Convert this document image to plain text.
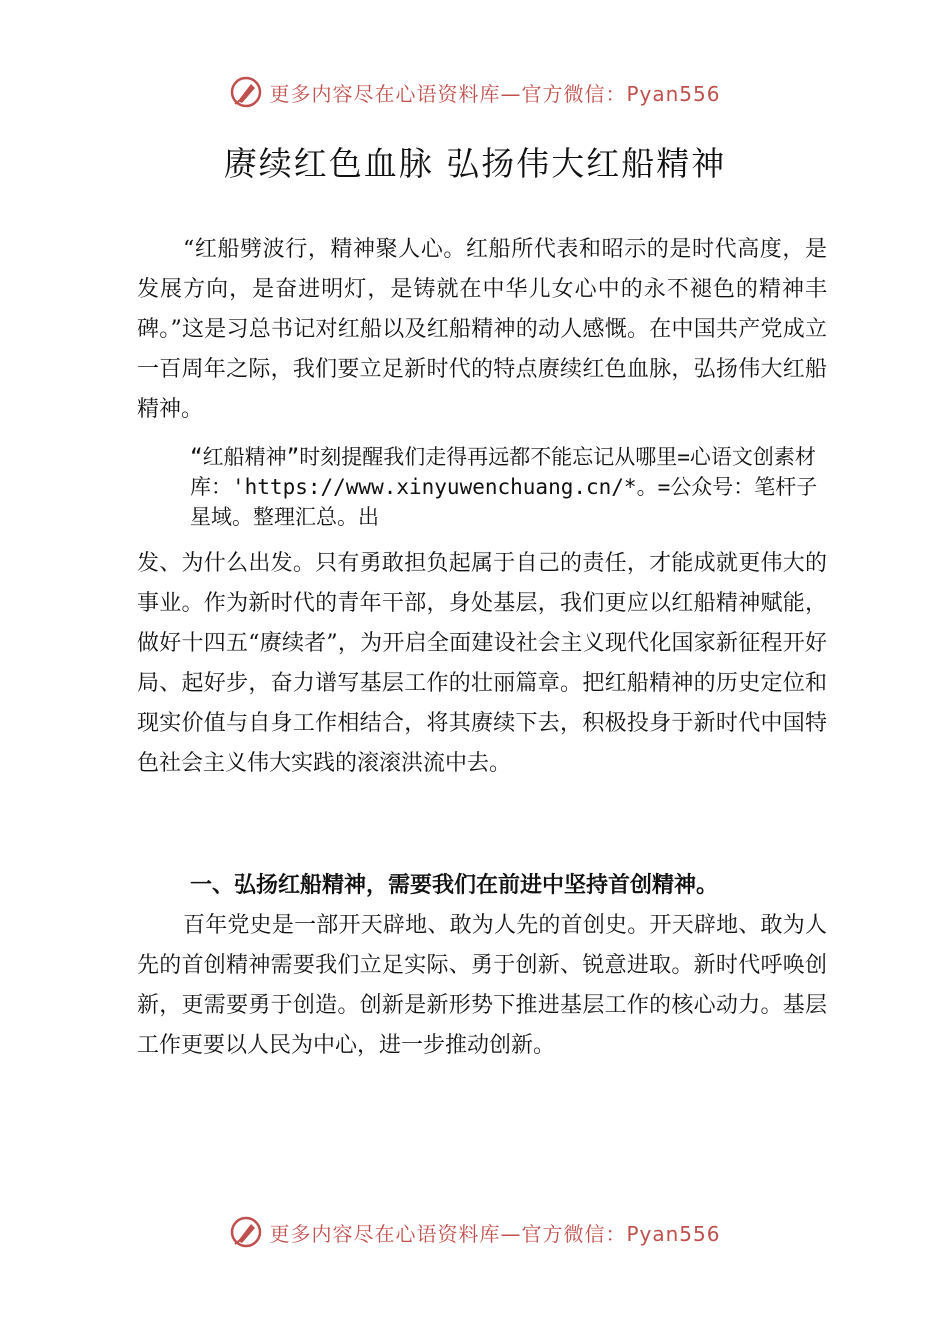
更多内容尽在心语资料库—官方微信：Pyan556
赓续红色血脉 弘扬伟大红船精神

“红船劈波行，精神聚人心。红船所代表和昭示的是时代高度，是发展方向，是奋进明灯，是铸就在中华儿女心中的永不褪色的精神丰碑。”这是习总书记对红船以及红船精神的动人感慨。在中国共产党成立一百周年之际，我们要立足新时代的特点赓续红色血脉，弘扬伟大红船精神。

“红船精神”时刻提醒我们走得再远都不能忘记从哪里=心语文创素材库：'https://www.xinyuwenchuang.cn/*。=公众号：笔杆子星域。整理汇总。出

发、为什么出发。只有勇敢担负起属于自己的责任，才能成就更伟大的事业。作为新时代的青年干部，身处基层，我们更应以红船精神赋能，做好十四五“赓续者”，为开启全面建设社会主义现代化国家新征程开好局、起好步，奋力谱写基层工作的壮丽篇章。把红船精神的历史定位和现实价值与自身工作相结合，将其赓续下去，积极投身于新时代中国特色社会主义伟大实践的滚滚洪流中去。

一、弘扬红船精神，需要我们在前进中坚持首创精神。

百年党史是一部开天辟地、敢为人先的首创史。开天辟地、敢为人先的首创精神需要我们立足实际、勇于创新、锐意进取。新时代呼唤创新，更需要勇于创造。创新是新形势下推进基层工作的核心动力。基层工作更要以人民为中心，进一步推动创新。

更多内容尽在心语资料库—官方微信：Pyan556
